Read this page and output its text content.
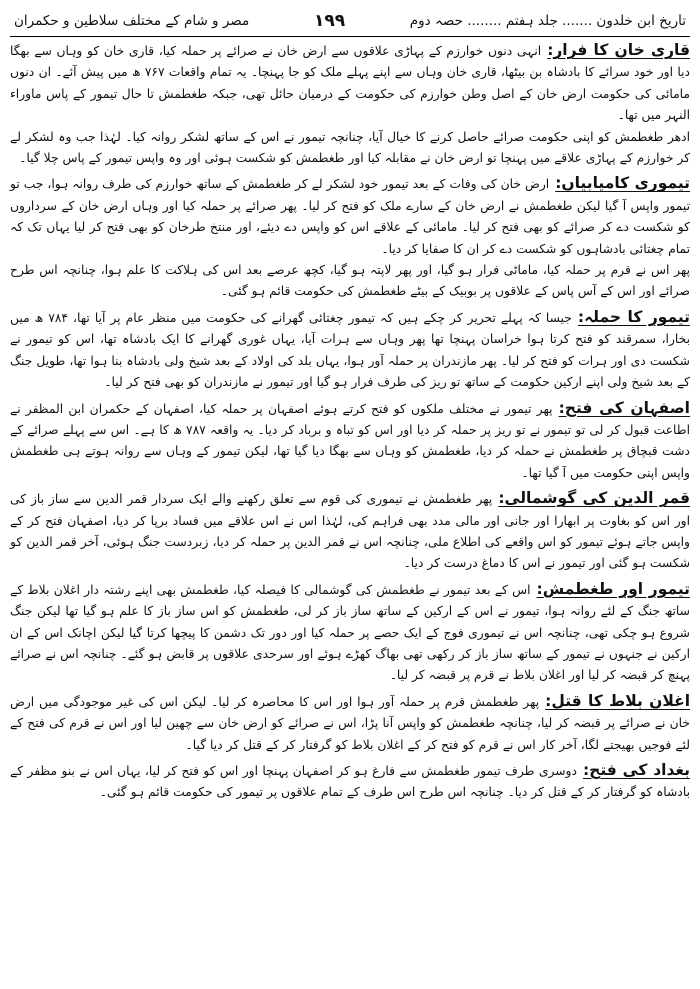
تاریخ ابن خلدون ....... جلد ہفتم ........ حصہ دوم
۱۹۹
مصر و شام کے مختلف سلاطین و حکمران

قاری خان کا فرار:انہی دنوں خوارزم کے پہاڑی علاقوں سے ارض خان نے صرائے پر حملہ کیا، قاری خان کو وہاں سے بھگا دیا اور خود سرائے کا بادشاہ بن بیٹھا، قاری خان وہاں سے اپنے پہلے ملک کو جا پہنچا۔ یہ تمام واقعات ۷۶۷ ھ میں پیش آئے۔ ان دنوں مامائی کی حکومت ارض خان کے اصل وطن خوارزم کی حکومت کے درمیان حائل تھی، جبکہ طغطمش تا حال تیمور کے پاس ماوراء النہر میں تھا۔

ادھر طغطمش کو اپنی حکومت صرائے حاصل کرنے کا خیال آیا، چنانچہ تیمور نے اس کے ساتھ لشکر روانہ کیا۔ لہٰذا جب وہ لشکر لے کر خوارزم کے پہاڑی علاقے میں پہنچا تو ارض خان نے مقابلہ کیا اور طغطمش کو شکست ہوئی اور وہ واپس تیمور کے پاس چلا گیا۔

تیموری کامیابیاں:ارض خان کی وفات کے بعد تیمور خود لشکر لے کر طغطمش کے ساتھ خوارزم کی طرف روانہ ہوا، جب تو تیمور واپس آ گیا لیکن طغطمش نے ارض خان کے سارے ملک کو فتح کر لیا۔ پھر صرائے پر حملہ کیا اور وہاں ارض خان کے سرداروں کو شکست دے کر صرائے کو بھی فتح کر لیا۔ مامائی کے علاقے اس کو واپس دے دیئے، اور منتخ طرخان کو بھی فتح کر لیا یہاں تک کہ تمام چغتائی بادشاہوں کو شکست دے کر ان کا صفایا کر دیا۔

پھر اس نے قرم پر حملہ کیا، ماماٹی فرار ہو گیا، اور پھر لاپتہ ہو گیا، کچھ عرصے بعد اس کی ہلاکت کا علم ہوا، چنانچہ اس طرح صرائے اور اس کے آس پاس کے علاقوں پر بوبیک کے بیٹے طغطمش کی حکومت قائم ہو گئی۔

تیمور کا حملہ:جیسا کہ پہلے تحریر کر چکے ہیں کہ تیمور چغتائی گھرانے کی حکومت میں منظر عام پر آیا تھا، ۷۸۴ ھ میں بخارا، سمرقند کو فتح کرتا ہوا خراسان پہنچا تھا پھر وہاں سے ہرات آیا، یہاں غوری گھرانے کا ایک بادشاہ تھا، اس کو تیمور نے شکست دی اور ہرات کو فتح کر لیا۔ پھر مازندران پر حملہ آور ہوا، یہاں بلد کی اولاد کے بعد شیخ ولی بادشاہ بنا ہوا تھا، طویل جنگ کے بعد شیخ ولی اپنے ارکین حکومت کے ساتھ تو ریز کی طرف فرار ہو گیا اور تیمور نے مازندران کو بھی فتح کر لیا۔

اصفہان کی فتح:پھر تیمور نے مختلف ملکوں کو فتح کرتے ہوئے اصفہان پر حملہ کیا، اصفہان کے حکمران ابن المظفر نے اطاعت قبول کر لی تو تیمور نے تو ریز پر حملہ کر دیا اور اس کو تباہ و برباد کر دیا۔ یہ واقعہ ۷۸۷ ھ کا ہے۔ اس سے پہلے صرائے کے دشت قبچاق پر طغطمش نے حملہ کر دیا، طغطمش کو وہاں سے بھگا دیا گیا تھا، لیکن تیمور کے وہاں سے روانہ ہوتے ہی طغطمش واپس اپنی حکومت میں آ گیا تھا۔

قمر الدین کی گوشمالی:پھر طغطمش نے تیموری کی قوم سے تعلق رکھنے والے ایک سردار قمر الدین سے ساز باز کی اور اس کو بغاوت پر ابھارا اور جانی اور مالی مدد بھی فراہم کی، لہٰذا اس نے اس علاقے میں فساد برپا کر دیا، اصفہان فتح کر کے واپس جاتے ہوئے تیمور کو اس واقعے کی اطلاع ملی، چنانچہ اس نے قمر الدین پر حملہ کر دیا، زبردست جنگ ہوئی، آخر قمر الدین کو شکست ہو گئی اور تیمور نے اس کا دماغ درست کر دیا۔

تیمور اور طغطمش:اس کے بعد تیمور نے طغطمش کی گوشمالی کا فیصلہ کیا، طغطمش بھی اپنے رشتہ دار اغلان بلاط کے ساتھ جنگ کے لئے روانہ ہوا، تیمور نے اس کے ارکین کے ساتھ ساز باز کر لی، طغطمش کو اس ساز باز کا علم ہو گیا تھا لیکن جنگ شروع ہو چکی تھی، چنانچہ اس نے تیموری فوج کے ایک حصے پر حملہ کیا اور دور تک دشمن کا پیچھا کرتا گیا لیکن اچانک اس کے ان ارکین نے جنہوں نے تیمور کے ساتھ ساز باز کر رکھی تھی بھاگ کھڑے ہوئے اور سرحدی علاقوں پر قابض ہو گئے۔ چنانچہ اس نے صرائے پہنچ کر قبضہ کر لیا اور اغلان بلاط نے قرم پر قبضہ کر لیا۔

اغلان بلاط کا قتل:پھر طغطمش قرم پر حملہ آور ہوا اور اس کا محاصرہ کر لیا۔ لیکن اس کی غیر موجودگی میں ارض خان نے صرائے پر قبضہ کر لیا، چنانچہ طغطمش کو واپس آنا پڑا، اس نے صرائے کو ارض خان سے چھین لیا اور اس نے قرم کی فتح کے لئے فوجیں بھیجتے لگا، آخر کار اس نے قرم کو فتح کر کے اغلان بلاط کو گرفتار کر کے قتل کر دیا گیا۔

بغداد کی فتح:دوسری طرف تیمور طغطمش سے فارغ ہو کر اصفہان پہنچا اور اس کو فتح کر لیا، یہاں اس نے بنو مظفر کے بادشاہ کو گرفتار کر کے قتل کر دیا۔ چنانچہ اس طرح اس طرف کے تمام علاقوں پر تیمور کی حکومت قائم ہو گئی۔
